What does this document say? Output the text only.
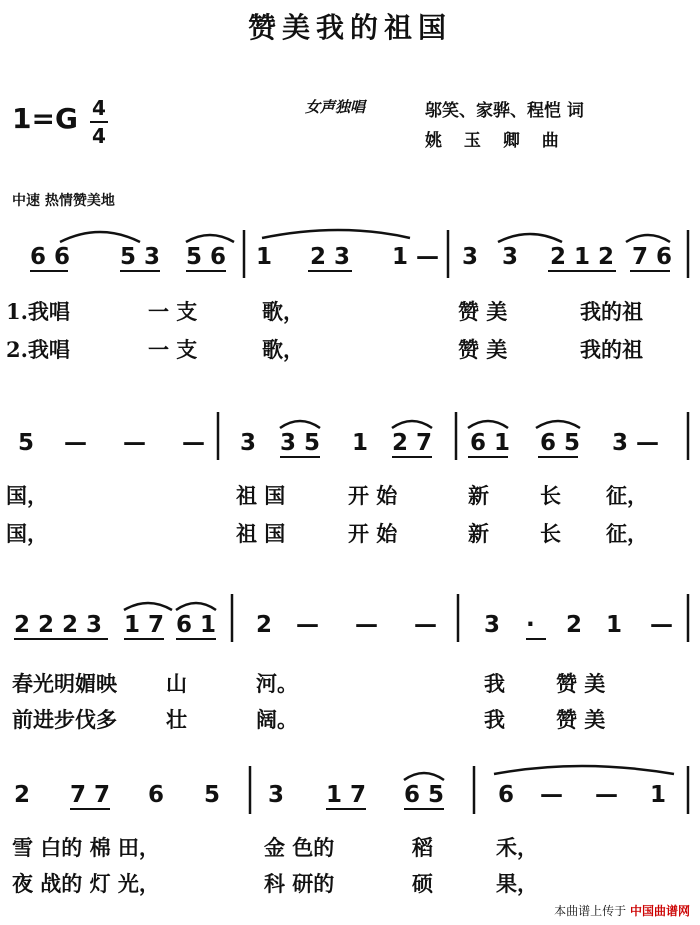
赞美我的祖国
1=G 4
4
女声独唱	邬笑、家骅、程恺 词
姚 玉 卿 曲
中速 热情赞美地
6 6 5 3 5 6 1 2 3 1 — 3 3 2 1 2 7 6
1.我唱	一 支	歌，	赞 美	我的祖
2.我唱	一 支	歌，	赞 美	我的祖
5 — — — 3 3 5 1 2 7 6 1 6 5 3 —
国，	祖 国	开 始	新 长 征，
国，	祖 国	开 始	新 长 征，
2 2 2 3 1 7 6 1 2 — — — 3 · 2 1 —
春光明媚映 山	河。	我 赞 美
前进步伐多 壮	阔。	我 赞 美
2 7 7 6 5 3 1 7 6 5 6 — — 1
雪 白的 棉 田，	金 色的	稻	禾，
夜 战的 灯 光，	科 研的	硕	果，
本曲谱上传于 中国曲谱网
